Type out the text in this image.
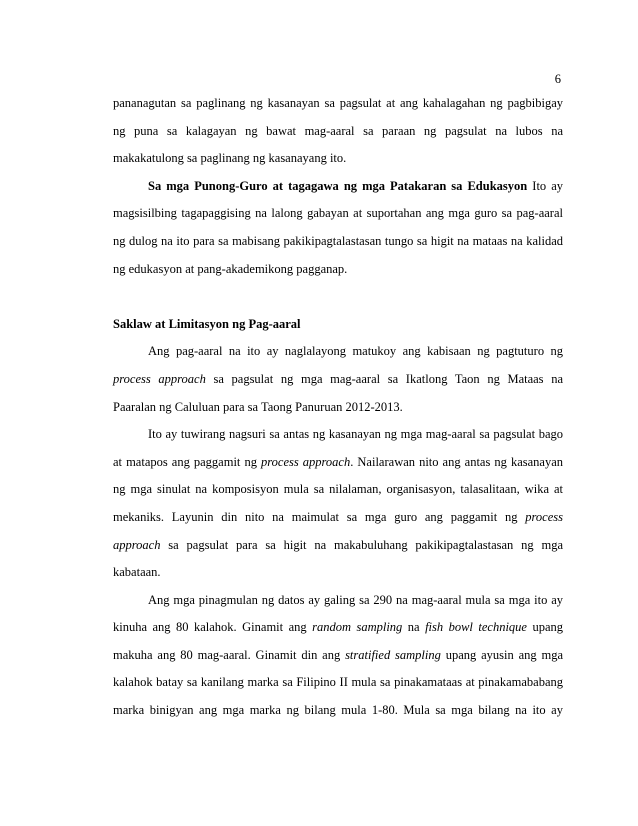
6
pananagutan sa paglinang ng kasanayan sa pagsulat at ang kahalagahan ng pagbibigay
ng puna sa kalagayan ng bawat mag-aaral sa paraan ng pagsulat na lubos na
makakatulong sa paglinang ng kasanayang ito.
Sa mga Punong-Guro at tagagawa ng mga Patakaran sa Edukasyon Ito ay
magsisilbing tagapaggising na lalong gabayan at suportahan ang mga guro sa pag-aaral
ng dulog na ito para sa mabisang pakikipagtalastasan tungo sa higit na mataas na kalidad
ng edukasyon at pang-akademikong pagganap.
Saklaw at Limitasyon ng Pag-aaral
Ang pag-aaral na ito ay naglalayong matukoy ang kabisaan ng pagtuturo ng
process approach sa pagsulat ng mga mag-aaral sa Ikatlong Taon ng Mataas na
Paaralan ng Caluluan para sa Taong Panuruan 2012-2013.
Ito ay tuwirang nagsuri sa antas ng kasanayan ng mga mag-aaral sa pagsulat bago
at matapos ang paggamit ng process approach. Nailarawan nito ang antas ng kasanayan
ng mga sinulat na komposisyon mula sa nilalaman, organisasyon, talasalitaan, wika at
mekaniks. Layunin din nito na maimulat sa mga guro ang paggamit ng process
approach sa pagsulat para sa higit na makabuluhang pakikipagtalastasan ng mga
kabataan.
Ang mga pinagmulan ng datos ay galing sa 290 na mag-aaral mula sa mga ito ay
kinuha ang 80 kalahok. Ginamit ang random sampling na fish bowl technique upang
makuha ang 80 mag-aaral. Ginamit din ang stratified sampling upang ayusin ang mga
kalahok batay sa kanilang marka sa Filipino II mula sa pinakamataas at pinakamababang
marka binigyan ang mga marka ng bilang mula 1-80. Mula sa mga bilang na ito ay
